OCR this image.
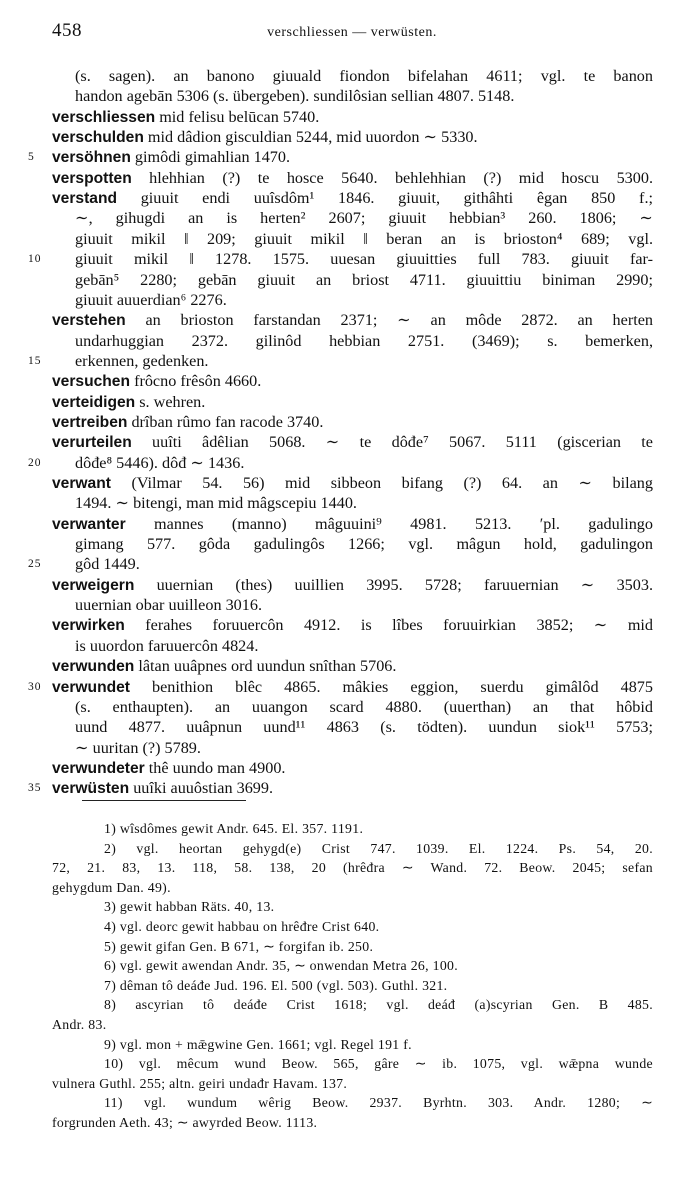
458	verschliessen — verwüsten.
(s. sagen). an banono giuuald fiondon bifelahan 4611; vgl. te banon
handon agebān 5306 (s. übergeben). sundilôsian sellian 4807. 5148.
verschliessen mid felisu belūcan 5740.
verschulden mid dâdion gisculdian 5244, mid uuordon ∼ 5330.
5	versöhnen gimôdi gimahlian 1470.
verspotten hlehhian (?) te hosce 5640. behlehhian (?) mid hoscu 5300.
verstand giuuit endi uuîsdôm¹ 1846. giuuit, githâhti êgan 850 f.;
∼, gihugdi an is herten² 2607; giuuit hebbian³ 260. 1806; ∼
giuuit mikil ‖ 209; giuuit mikil ‖ beran an is brioston⁴ 689; vgl.
10	giuuit mikil ‖ 1278. 1575. uuesan giuuitties full 783. giuuit far-
gebān⁵ 2280; gebān giuuit an briost 4711. giuuittiu biniman 2990;
giuuit auuerdian⁶ 2276.
verstehen an brioston farstandan 2371; ∼ an môde 2872. an herten
undarhuggian 2372. gilinôd hebbian 2751. (3469); s. bemerken,
15	erkennen, gedenken.
versuchen frôcno frêsôn 4660.
verteidigen s. wehren.
vertreiben drîban rûmo fan racode 3740.
verurteilen uuîti âdêlian 5068. ∼ te dôđe⁷ 5067. 5111 (giscerian te
20	dôđe⁸ 5446). dôđ ∼ 1436.
verwant (Vilmar 54. 56) mid sibbeon bifang (?) 64. an ∼ bilang
1494. ∼ bitengi, man mid mâgscepiu 1440.
verwanter mannes (manno) mâguuini⁹ 4981. 5213. ′pl. gadulingo
gimang 577. gôda gadulingôs 1266; vgl. mâgun hold, gadulingon
25	gôd 1449.
verweigern uuernian (thes) uuillien 3995. 5728; faruuernian ∼ 3503.
uuernian obar uuilleon 3016.
verwirken ferahes foruuercôn 4912. is lîbes foruuirkian 3852; ∼ mid
is uuordon faruuercôn 4824.
verwunden lâtan uuâpnes ord uundun snîthan 5706.
30 verwundet benithion blêc 4865. mâkies eggion, suerdu gimâlôd 4875
(s. enthaupten). an uuangon scard 4880. (uuerthan) an that hôbid
uund 4877. uuâpnun uund¹¹ 4863 (s. tödten). uundun siok¹¹ 5753;
∼ uuritan (?) 5789.
verwundeter thê uundo man 4900.
35 verwüsten uuîki auuôstian 3699.
1) wîsdômes gewit Andr. 645. El. 357. 1191.
2) vgl. heortan gehygd(e) Crist 747. 1039. El. 1224. Ps. 54, 20.
72, 21. 83, 13. 118, 58. 138, 20 (hrêđra ∼ Wand. 72. Beow. 2045; sefan
gehygdum Dan. 49).
3) gewit habban Räts. 40, 13.
4) vgl. deorc gewit habbau on hrêđre Crist 640.
5) gewit gifan Gen. B 671, ∼ forgifan ib. 250.
6) vgl. gewit awendan Andr. 35, ∼ onwendan Metra 26, 100.
7) dêman tô deáđe Jud. 196. El. 500 (vgl. 503). Guthl. 321.
8) ascyrian tô deáđe Crist 1618; vgl. deáđ (a)scyrian Gen. B 485.
Andr. 83.
9) vgl. mon + mǣgwine Gen. 1661; vgl. Regel 191 f.
10) vgl. mêcum wund Beow. 565, gâre ∼ ib. 1075, vgl. wǣpna wunde
vulnera Guthl. 255; altn. geiri undađr Havam. 137.
11) vgl. wundum wêrig Beow. 2937. Byrhtn. 303. Andr. 1280; ∼
forgrunden Aeth. 43; ∼ awyrded Beow. 1113.
